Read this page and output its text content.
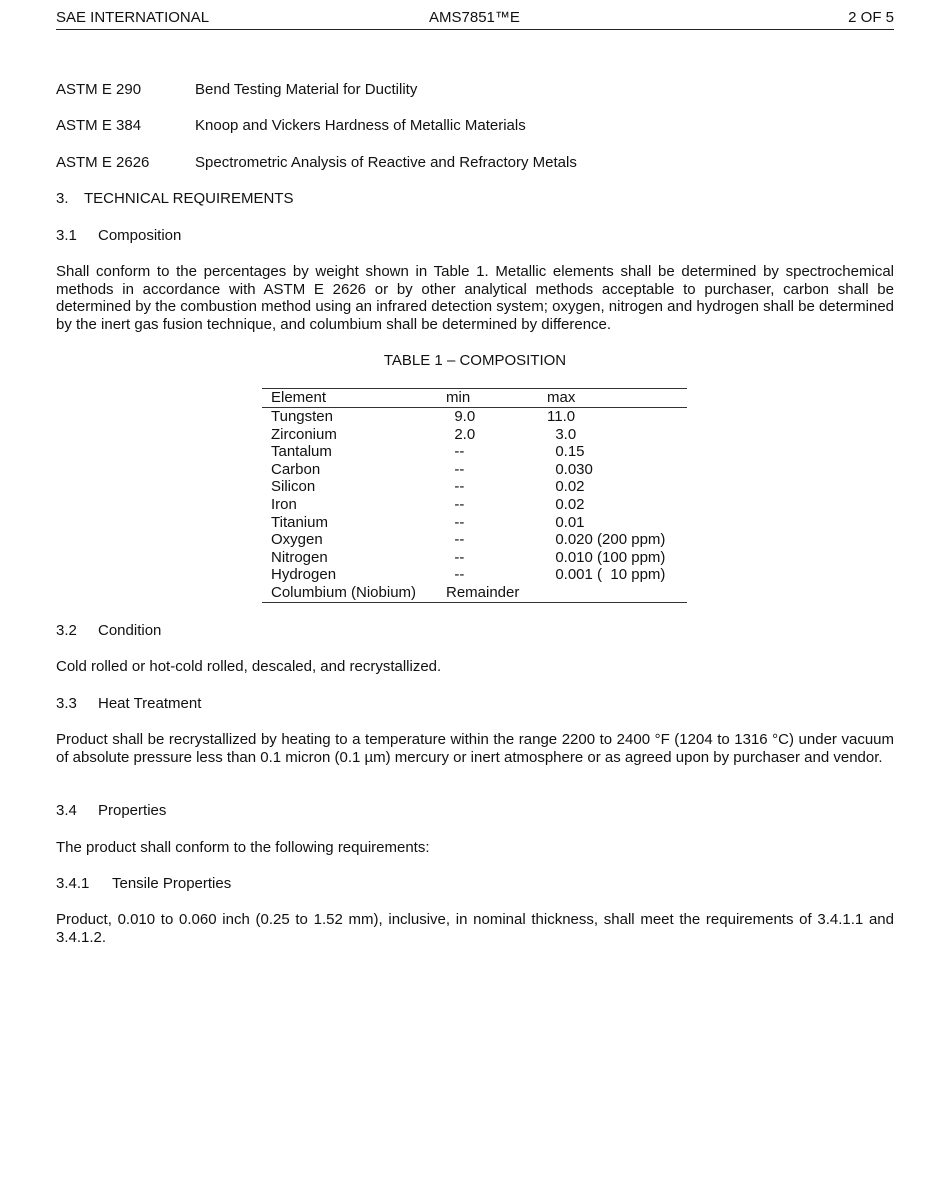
SAE INTERNATIONAL	AMS7851™E	2 OF 5
ASTM E 290	Bend Testing Material for Ductility
ASTM E 384	Knoop and Vickers Hardness of Metallic Materials
ASTM E 2626	Spectrometric Analysis of Reactive and Refractory Metals
3. TECHNICAL REQUIREMENTS
3.1 Composition
Shall conform to the percentages by weight shown in Table 1. Metallic elements shall be determined by spectrochemical methods in accordance with ASTM E 2626 or by other analytical methods acceptable to purchaser, carbon shall be determined by the combustion method using an infrared detection system; oxygen, nitrogen and hydrogen shall be determined by the inert gas fusion technique, and columbium shall be determined by difference.
TABLE 1 – COMPOSITION
Element	min	max
Tungsten	9.0	11.0
Zirconium	2.0	3.0
Tantalum	--	0.15
Carbon	--	0.030
Silicon	--	0.02
Iron	--	0.02
Titanium	--	0.01
Oxygen	--	0.020 (200 ppm)
Nitrogen	--	0.010 (100 ppm)
Hydrogen	--	0.001 (  10 ppm)
Columbium (Niobium) Remainder
3.2 Condition
Cold rolled or hot-cold rolled, descaled, and recrystallized.
3.3 Heat Treatment
Product shall be recrystallized by heating to a temperature within the range 2200 to 2400 °F (1204 to 1316 °C) under vacuum of absolute pressure less than 0.1 micron (0.1 µm) mercury or inert atmosphere or as agreed upon by purchaser and vendor.
3.4 Properties
The product shall conform to the following requirements:
3.4.1 Tensile Properties
Product, 0.010 to 0.060 inch (0.25 to 1.52 mm), inclusive, in nominal thickness, shall meet the requirements of 3.4.1.1 and 3.4.1.2.
